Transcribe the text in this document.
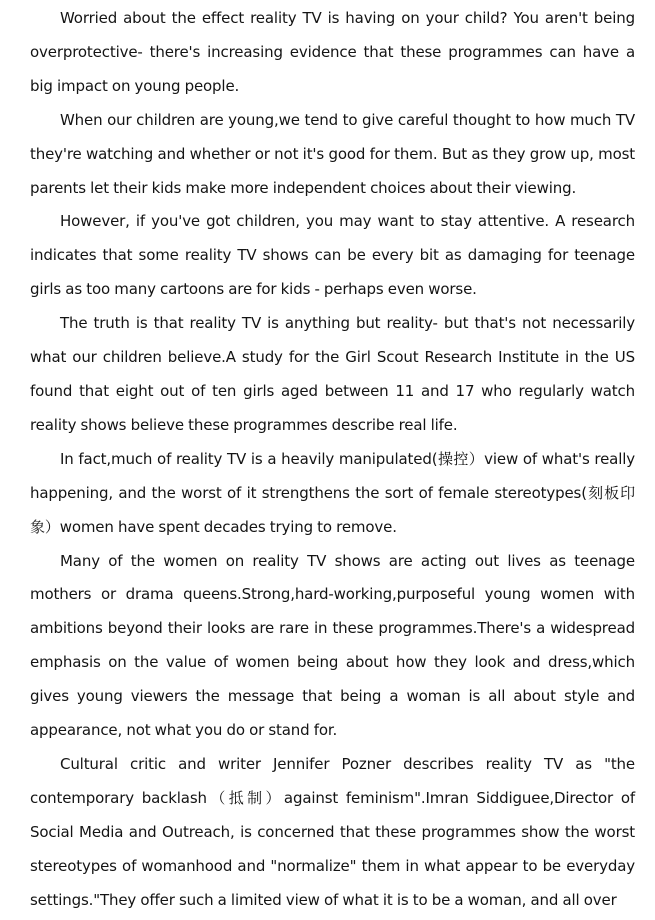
Worried about the effect reality TV is having on your child? You aren't being overprotective- there's increasing evidence that these programmes can have a big impact on young people.

When our children are young,we tend to give careful thought to how much TV they're watching and whether or not it's good for them. But as they grow up, most parents let their kids make more independent choices about their viewing.

However, if you've got children, you may want to stay attentive. A research indicates that some reality TV shows can be every bit as damaging for teenage girls as too many cartoons are for kids - perhaps even worse.

The truth is that reality TV is anything but reality- but that's not necessarily what our children believe.A study for the Girl Scout Research Institute in the US found that eight out of ten girls aged between 11 and 17 who regularly watch reality shows believe these programmes describe real life.

In fact,much of reality TV is a heavily manipulated(操控）view of what's really happening, and the worst of it strengthens the sort of female stereotypes(刻板印象）women have spent decades trying to remove.

Many of the women on reality TV shows are acting out lives as teenage mothers or drama queens.Strong,hard-working,purposeful young women with ambitions beyond their looks are rare in these programmes.There's a widespread emphasis on the value of women being about how they look and dress,which gives young viewers the message that being a woman is all about style and appearance, not what you do or stand for.

Cultural critic and writer Jennifer Pozner describes reality TV as "the contemporary backlash（抵制）against feminism".Imran Siddiguee,Director of Social Media and Outreach, is concerned that these programmes show the worst stereotypes of womanhood and "normalize" them in what appear to be everyday settings."They offer such a limited view of what it is to be a woman, and all over
